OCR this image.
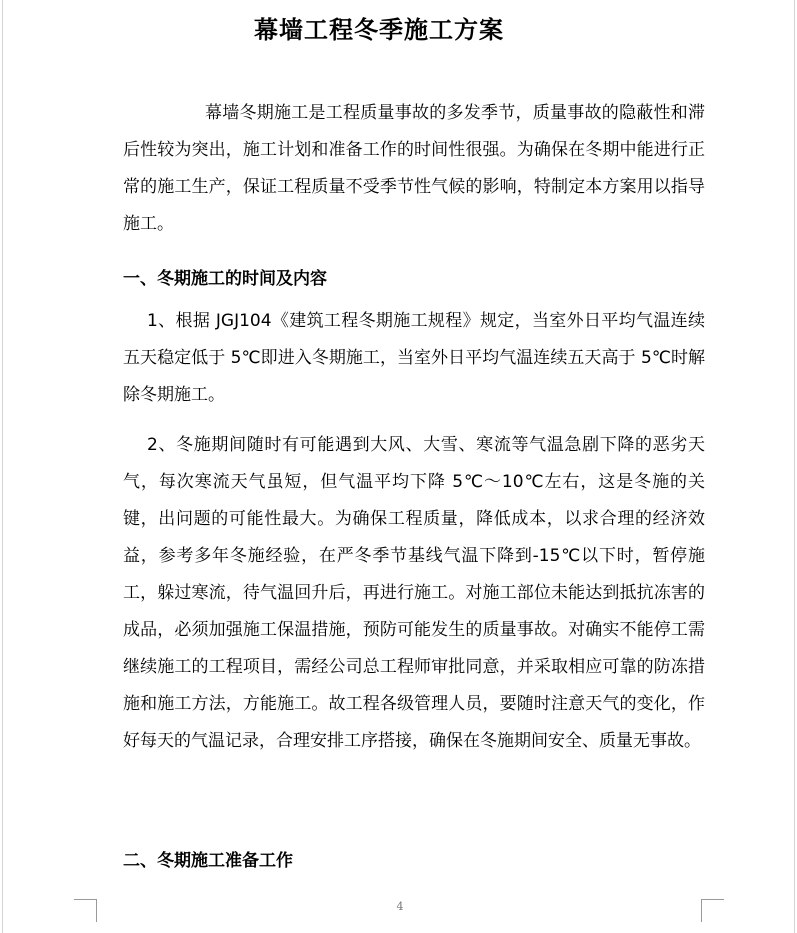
幕墙工程冬季施工方案

幕墙冬期施工是工程质量事故的多发季节，质量事故的隐蔽性和滞后性较为突出，施工计划和准备工作的时间性很强。为确保在冬期中能进行正常的施工生产，保证工程质量不受季节性气候的影响，特制定本方案用以指导施工。

一、冬期施工的时间及内容

1、根据 JGJ104《建筑工程冬期施工规程》规定，当室外日平均气温连续五天稳定低于 5℃即进入冬期施工，当室外日平均气温连续五天高于 5℃时解除冬期施工。

2、冬施期间随时有可能遇到大风、大雪、寒流等气温急剧下降的恶劣天气，每次寒流天气虽短，但气温平均下降 5℃～10℃左右，这是冬施的关键，出问题的可能性最大。为确保工程质量，降低成本，以求合理的经济效益，参考多年冬施经验，在严冬季节基线气温下降到-15℃以下时，暂停施工，躲过寒流，待气温回升后，再进行施工。对施工部位未能达到抵抗冻害的成品，必须加强施工保温措施，预防可能发生的质量事故。对确实不能停工需继续施工的工程项目，需经公司总工程师审批同意，并采取相应可靠的防冻措施和施工方法，方能施工。故工程各级管理人员，要随时注意天气的变化，作好每天的气温记录，合理安排工序搭接，确保在冬施期间安全、质量无事故。

二、冬期施工准备工作

4
